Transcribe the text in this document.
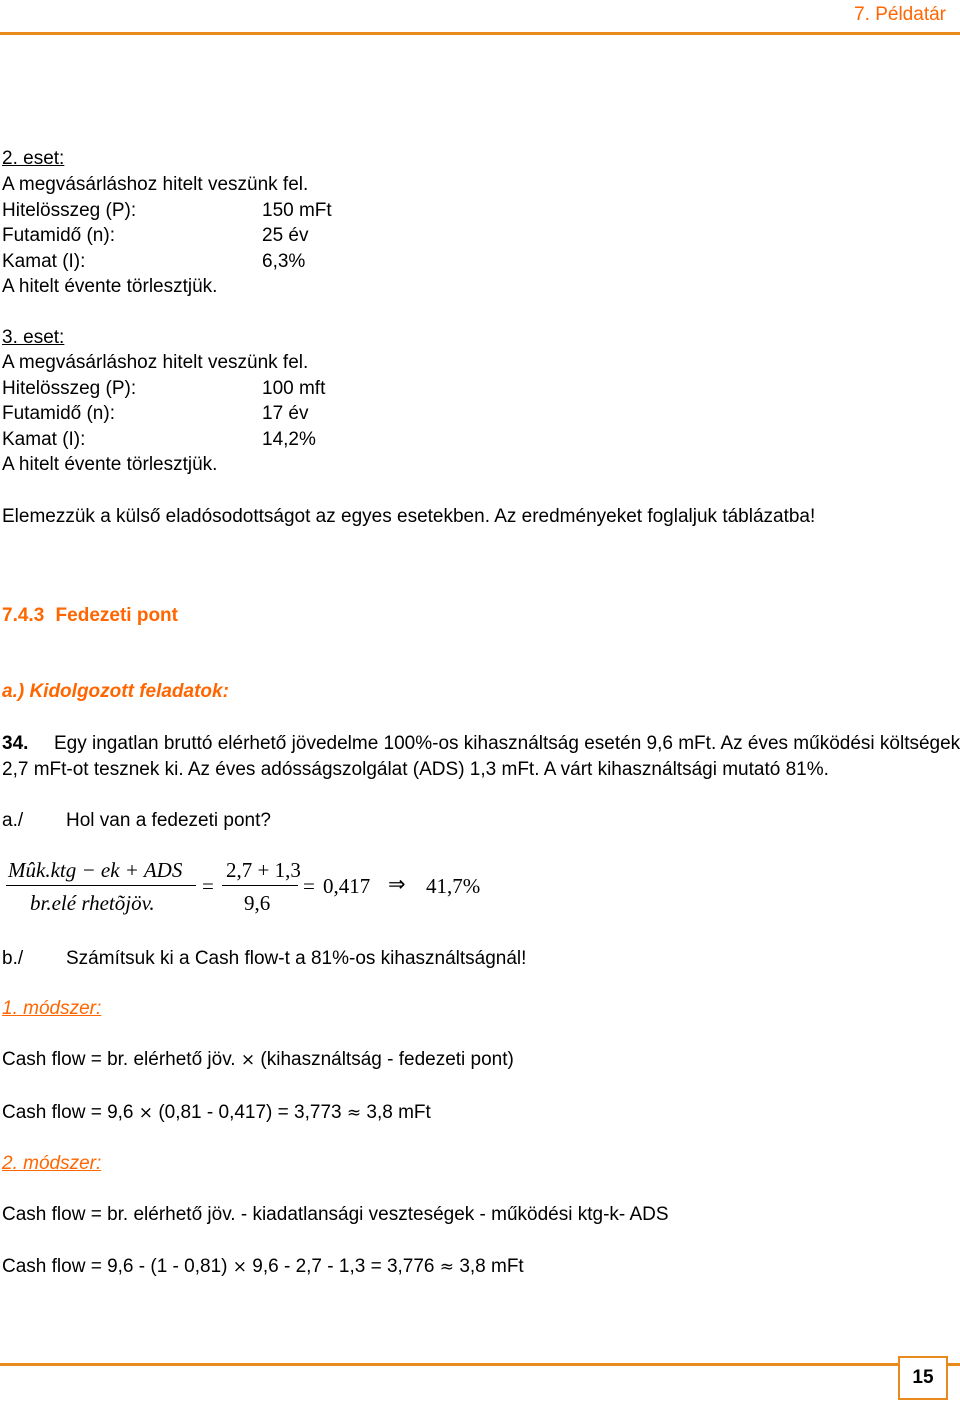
7. Példatár
2. eset:
A megvásárláshoz hitelt veszünk fel.
Hitelösszeg (P):	150 mFt
Futamidő (n):	25 év
Kamat (I):	6,3%
A hitelt évente törlesztjük.
3. eset:
A megvásárláshoz hitelt veszünk fel.
Hitelösszeg (P):	100 mft
Futamidő (n):	17 év
Kamat (I):	14,2%
A hitelt évente törlesztjük.
Elemezzük a külső eladósodottságot az egyes esetekben. Az eredményeket foglaljuk táblázatba!
7.4.3 Fedezeti pont
a.) Kidolgozott feladatok:
34. Egy ingatlan bruttó elérhető jövedelme 100%-os kihasználtság esetén 9,6 mFt. Az éves működési költségek
2,7 mFt-ot tesznek ki. Az éves adósságszolgálat (ADS) 1,3 mFt. A várt kihasználtsági mutató 81%.
a./ Hol van a fedezeti pont?
Mûk.ktg − ek + ADS
br.elé rhetõjöv.
=
2,7 + 1,3
9,6
= 0,417 ⇒ 41,7%
b./ Számítsuk ki a Cash flow-t a 81%-os kihasználtságnál!
1. módszer:
Cash flow = br. elérhető jöv. × (kihasználtság - fedezeti pont)
Cash flow = 9,6 × (0,81 - 0,417) = 3,773 ≈ 3,8 mFt
2. módszer:
Cash flow = br. elérhető jöv. - kiadatlansági veszteségek - működési ktg-k- ADS
Cash flow = 9,6 - (1 - 0,81) × 9,6 - 2,7 - 1,3 = 3,776 ≈ 3,8 mFt
15
